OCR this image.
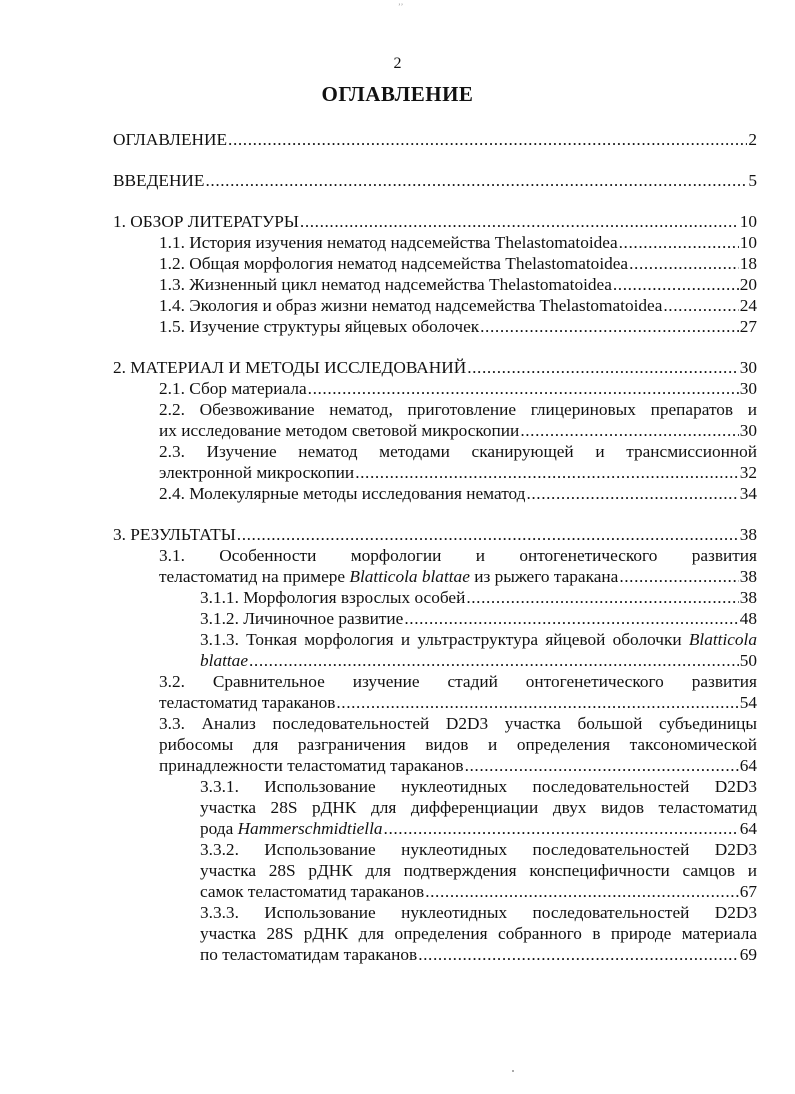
ʼʼ
2
ОГЛАВЛЕНИЕ
ОГЛАВЛЕНИЕ .....	2
ВВЕДЕНИЕ .....	5
1. ОБЗОР ЛИТЕРАТУРЫ .....	10
1.1. История изучения нематод надсемейства Thelastomatoidea .....	10
1.2. Общая морфология нематод надсемейства Thelastomatoidea .....	18
1.3. Жизненный цикл нематод надсемейства Thelastomatoidea .....	20
1.4. Экология и образ жизни нематод надсемейства Thelastomatoidea .....	24
1.5. Изучение структуры яйцевых оболочек .....	27
2. МАТЕРИАЛ И МЕТОДЫ ИССЛЕДОВАНИЙ .....	30
2.1. Сбор материала .....	30
2.2. Обезвоживание нематод, приготовление глицериновых препаратов и
их исследование методом световой микроскопии .....	30
2.3. Изучение нематод методами сканирующей и трансмиссионной
электронной микроскопии .....	32
2.4. Молекулярные методы исследования нематод .....	34
3. РЕЗУЛЬТАТЫ .....	38
3.1. Особенности морфологии и онтогенетического развития
теластоматид на примере Blatticola blattae из рыжего таракана .....	38
3.1.1. Морфология взрослых особей .....	38
3.1.2. Личиночное развитие .....	48
3.1.3. Тонкая морфология и ультраструктура яйцевой оболочки Blatticola
blattae .....	50
3.2. Сравнительное изучение стадий онтогенетического развития
теластоматид тараканов .....	54
3.3. Анализ последовательностей D2D3 участка большой субъединицы
рибосомы для разграничения видов и определения таксономической
принадлежности теластоматид тараканов .....	64
3.3.1. Использование нуклеотидных последовательностей D2D3
участка 28S рДНК для дифференциации двух видов теластоматид
рода Hammerschmidtiella .....	64
3.3.2. Использование нуклеотидных последовательностей D2D3
участка 28S рДНК для подтверждения конспецифичности самцов и
самок теластоматид тараканов .....	67
3.3.3. Использование нуклеотидных последовательностей D2D3
участка 28S рДНК для определения собранного в природе материала
по теластоматидам тараканов .....	69
